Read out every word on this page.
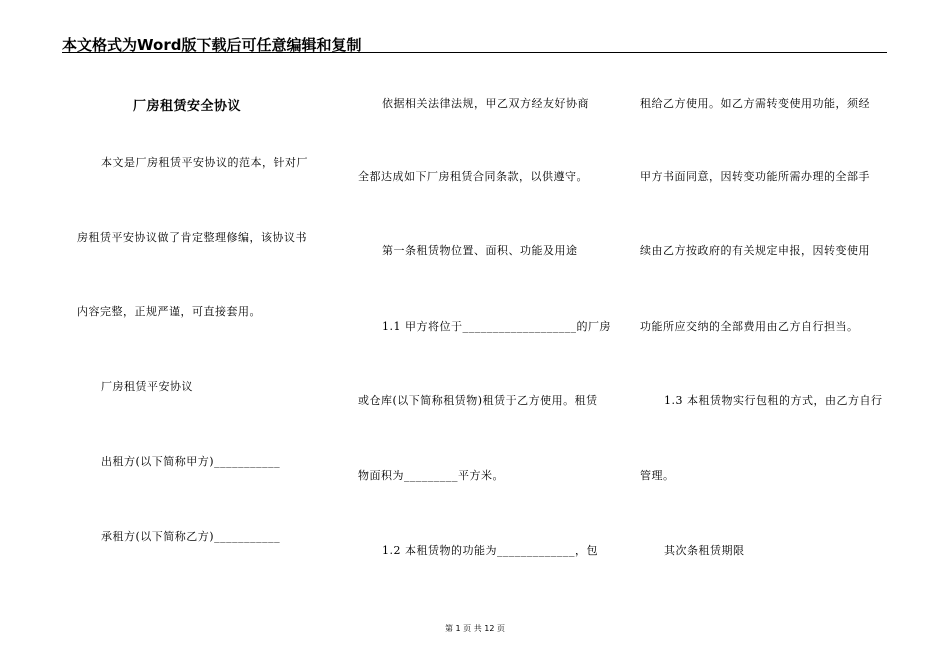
本文格式为Word版下载后可任意编辑和复制
厂房租赁安全协议
本文是厂房租赁平安协议的范本，针对厂
房租赁平安协议做了肯定整理修编，该协议书
内容完整，正规严谨，可直接套用。
厂房租赁平安协议
出租方(以下简称甲方)___________
承租方(以下简称乙方)___________
依据相关法律法规，甲乙双方经友好协商
全都达成如下厂房租赁合同条款，以供遵守。
第一条租赁物位置、面积、功能及用途
1.1 甲方将位于___________________的厂房
或仓库(以下简称租赁物)租赁于乙方使用。租赁
物面积为_________平方米。
1.2 本租赁物的功能为_____________，包
租给乙方使用。如乙方需转变使用功能，须经
甲方书面同意，因转变功能所需办理的全部手
续由乙方按政府的有关规定申报，因转变使用
功能所应交纳的全部费用由乙方自行担当。
1.3 本租赁物实行包租的方式，由乙方自行
管理。
其次条租赁期限
第 1 页 共 12 页
